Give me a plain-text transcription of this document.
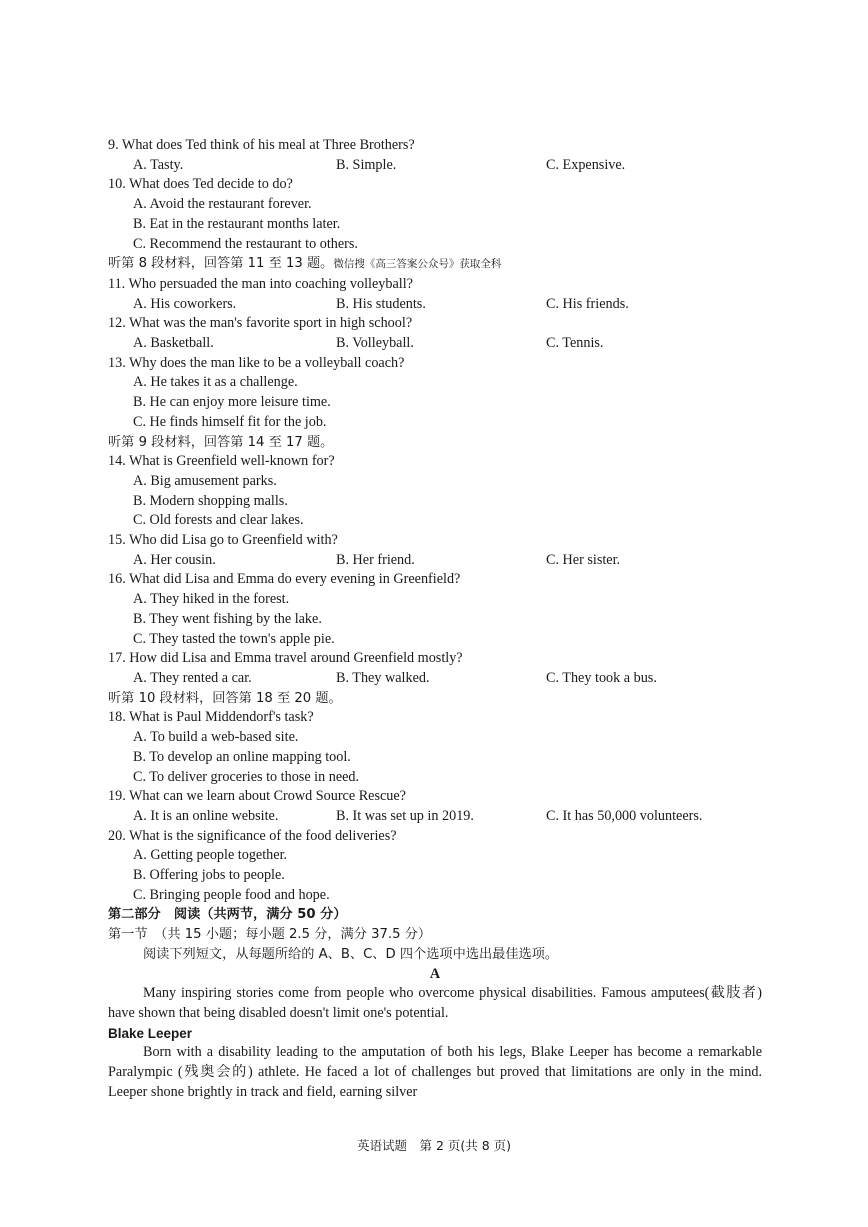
9. What does Ted think of his meal at Three Brothers?
A. Tasty.	B. Simple.	C. Expensive.
10. What does Ted decide to do?
A. Avoid the restaurant forever.
B. Eat in the restaurant months later.
C. Recommend the restaurant to others.
听第 8 段材料，回答第 11 至 13 题。微信搜《高三答案公众号》获取全科
11. Who persuaded the man into coaching volleyball?
A. His coworkers.	B. His students.	C. His friends.
12. What was the man's favorite sport in high school?
A. Basketball.	B. Volleyball.	C. Tennis.
13. Why does the man like to be a volleyball coach?
A. He takes it as a challenge.
B. He can enjoy more leisure time.
C. He finds himself fit for the job.
听第 9 段材料，回答第 14 至 17 题。
14. What is Greenfield well-known for?
A. Big amusement parks.
B. Modern shopping malls.
C. Old forests and clear lakes.
15. Who did Lisa go to Greenfield with?
A. Her cousin.	B. Her friend.	C. Her sister.
16. What did Lisa and Emma do every evening in Greenfield?
A. They hiked in the forest.
B. They went fishing by the lake.
C. They tasted the town's apple pie.
17. How did Lisa and Emma travel around Greenfield mostly?
A. They rented a car.	B. They walked.	C. They took a bus.
听第 10 段材料，回答第 18 至 20 题。
18. What is Paul Middendorf's task?
A. To build a web-based site.
B. To develop an online mapping tool.
C. To deliver groceries to those in need.
19. What can we learn about Crowd Source Rescue?
A. It is an online website.	B. It was set up in 2019.	C. It has 50,000 volunteers.
20. What is the significance of the food deliveries?
A. Getting people together.
B. Offering jobs to people.
C. Bringing people food and hope.
第二部分　阅读（共两节，满分 50 分）
第一节　（共 15 小题；每小题 2.5 分，满分 37.5 分）
阅读下列短文，从每题所给的 A、B、C、D 四个选项中选出最佳选项。
A
Many inspiring stories come from people who overcome physical disabilities. Famous amputees(截肢者) have shown that being disabled doesn't limit one's potential.
Blake Leeper
Born with a disability leading to the amputation of both his legs, Blake Leeper has become a remarkable Paralympic (残奥会的) athlete. He faced a lot of challenges but proved that limitations are only in the mind. Leeper shone brightly in track and field, earning silver
英语试题　第 2 页(共 8 页)
